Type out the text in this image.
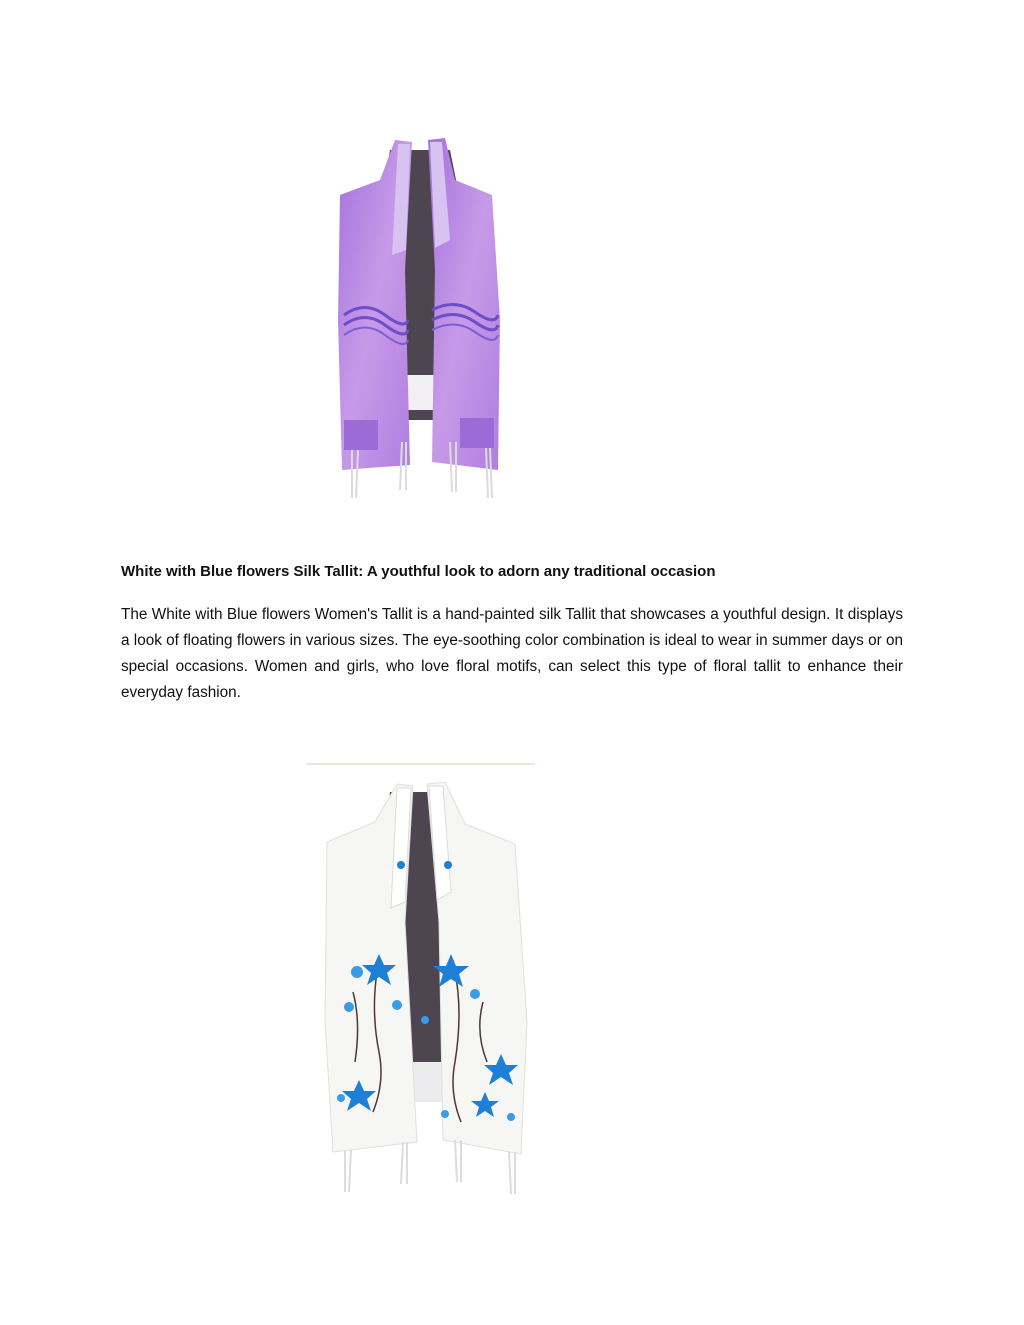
White with Blue flowers Silk Tallit: A youthful look to adorn any traditional occasion

The White with Blue flowers Women's Tallit is a hand-painted silk Tallit that showcases a youthful design. It displays a look of floating flowers in various sizes. The eye-soothing color combination is ideal to wear in summer days or on special occasions. Women and girls, who love floral motifs, can select this type of floral tallit to enhance their everyday fashion.
